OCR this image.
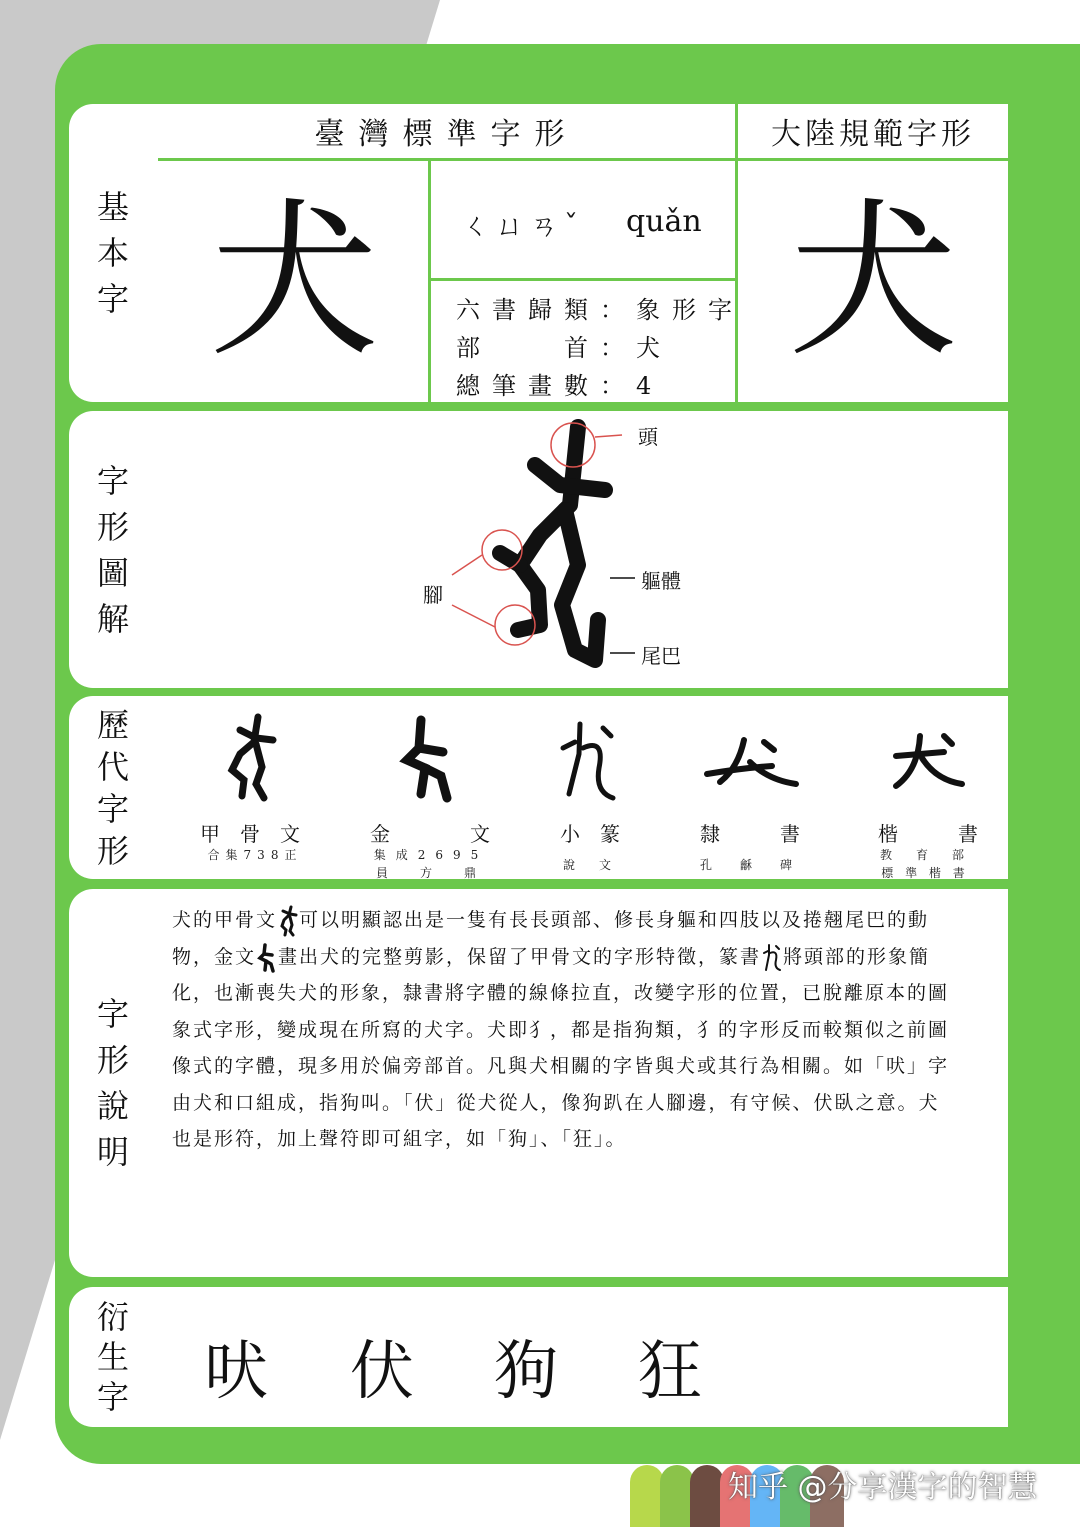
基
本
字
字
形
圖
解
歷
代
字
形
字
形
說
明
衍
生
字
臺灣標準字形	大陸規範字形
犬 犬
ㄑㄩㄢˇ quǎn
六書歸類：象形字
部　　首：犬
總筆畫數：4
頭
軀體
腳
尾巴
甲　骨　文
合集738正
金　　　　文
集成2695
員　方　鼎
小　篆
說　文
隸　　　書
孔　龢　碑
楷　　　書
教　育　部
標 準 楷 書
犬的甲骨文 可以明顯認出是一隻有長長頭部、修長身軀和四肢以及捲翹尾巴的動
物，金文 畫出犬的完整剪影，保留了甲骨文的字形特徵，篆書 將頭部的形象簡
化，也漸喪失犬的形象，隸書將字體的線條拉直，改變字形的位置，已脫離原本的圖
象式字形，變成現在所寫的犬字。犬即犭，都是指狗類，犭的字形反而較類似之前圖
像式的字體，現多用於偏旁部首。凡與犬相關的字皆與犬或其行為相關。如「吠」字
由犬和口組成，指狗叫。「伏」從犬從人，像狗趴在人腳邊，有守候、伏臥之意。犬
也是形符，加上聲符即可組字，如「狗」、「狂」。
吠 伏 狗 狂
知乎 @分享漢字的智慧
